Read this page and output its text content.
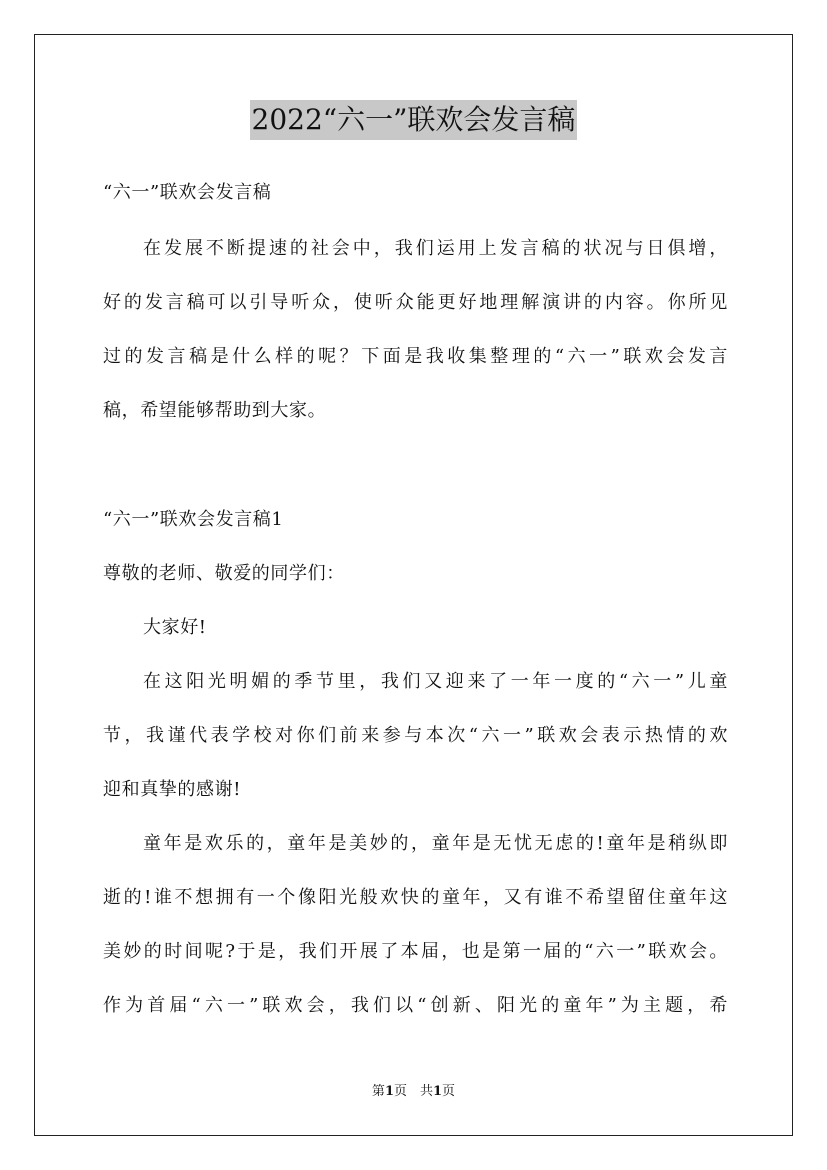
2022“六一”联欢会发言稿
“六一”联欢会发言稿
在发展不断提速的社会中，我们运用上发言稿的状况与日俱增，
好的发言稿可以引导听众，使听众能更好地理解演讲的内容。你所见
过的发言稿是什么样的呢？下面是我收集整理的“六一”联欢会发言
稿，希望能够帮助到大家。
“六一”联欢会发言稿1
尊敬的老师、敬爱的同学们：
大家好!
在这阳光明媚的季节里，我们又迎来了一年一度的“六一”儿童
节，我谨代表学校对你们前来参与本次“六一”联欢会表示热情的欢
迎和真挚的感谢!
童年是欢乐的，童年是美妙的，童年是无忧无虑的!童年是稍纵即
逝的!谁不想拥有一个像阳光般欢快的童年，又有谁不希望留住童年这
美妙的时间呢?于是，我们开展了本届，也是第一届的“六一”联欢会。
作为首届“六一”联欢会，我们以“创新、阳光的童年”为主题，希
第1页　共1页
